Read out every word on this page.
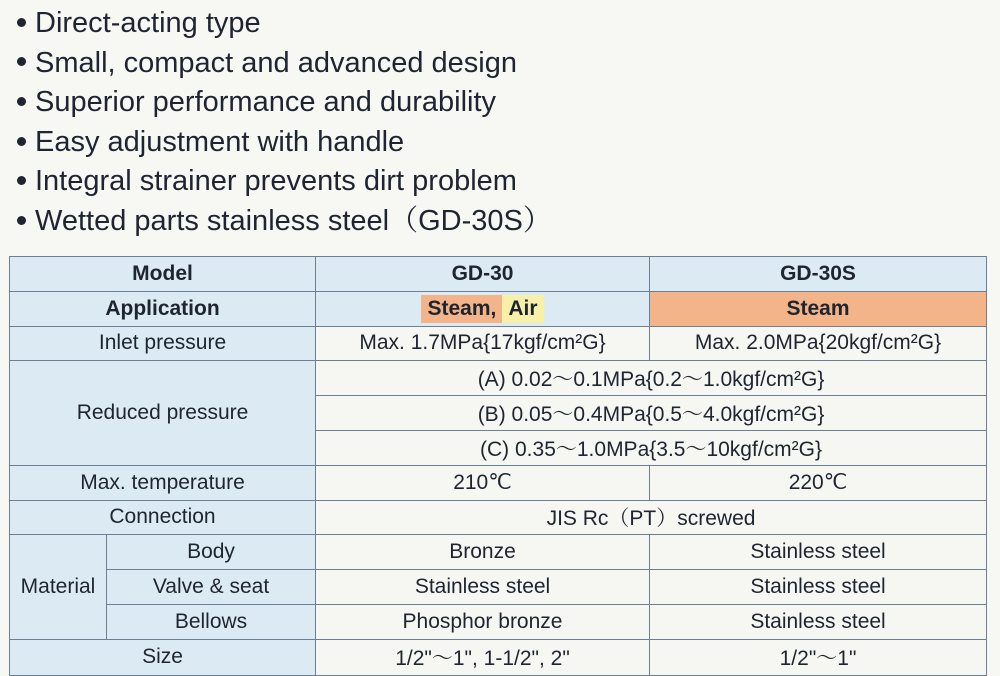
Direct-acting type
Small, compact and advanced design
Superior performance and durability
Easy adjustment with handle
Integral strainer prevents dirt problem
Wetted parts stainless steel（GD-30S）
Model		GD-30	GD-30S
Application		Steam, Air	Steam
Inlet pressure		Max. 1.7MPa{17kgf/cm²G}	Max. 2.0MPa{20kgf/cm²G}
Reduced pressure		(A) 0.02～0.1MPa{0.2～1.0kgf/cm²G}	
		(B) 0.05～0.4MPa{0.5～4.0kgf/cm²G}	
		(C) 0.35～1.0MPa{3.5～10kgf/cm²G}	
Max. temperature		210℃	220℃
Connection		JIS Rc（PT）screwed	
Material	Body	Bronze	Stainless steel
	Valve & seat	Stainless steel	Stainless steel
	Bellows	Phosphor bronze	Stainless steel
Size		1/2"～1", 1-1/2", 2"	1/2"～1"
